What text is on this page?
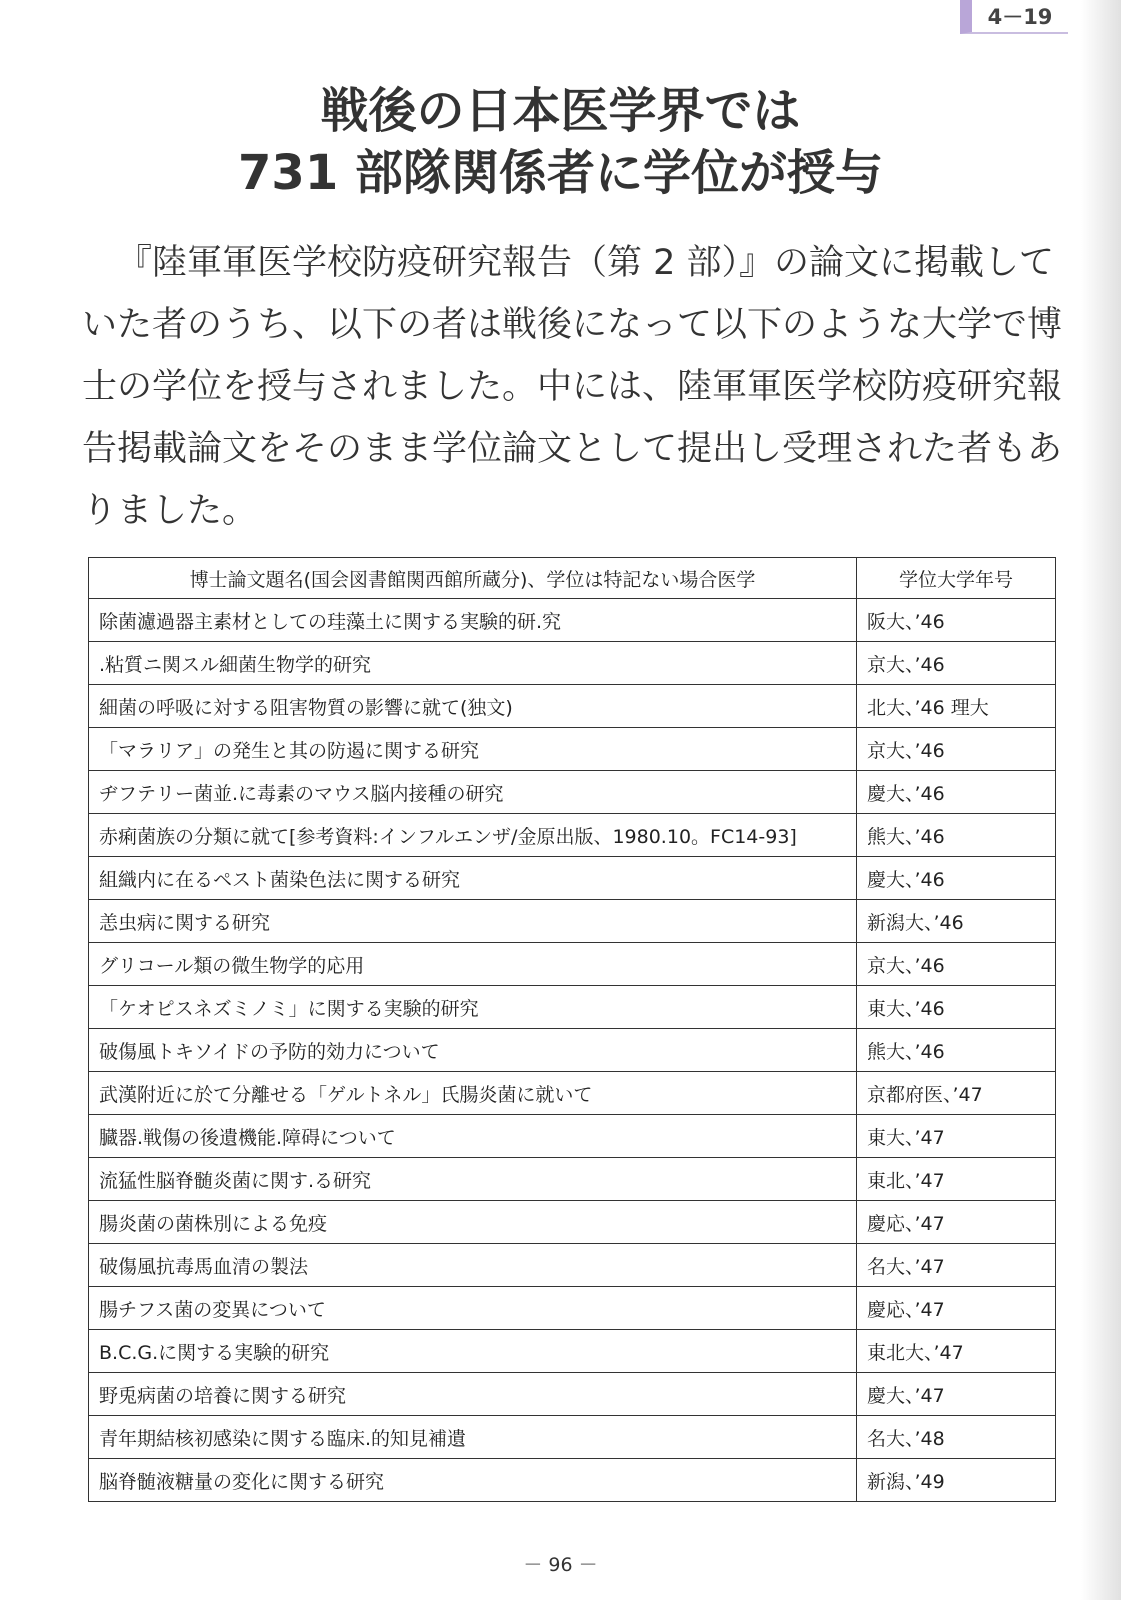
4－19
戦後の日本医学界では
731 部隊関係者に学位が授与
『陸軍軍医学校防疫研究報告（第 2 部）』の論文に掲載していた者のうち、以下の者は戦後になって以下のような大学で博士の学位を授与されました。中には、陸軍軍医学校防疫研究報告掲載論文をそのまま学位論文として提出し受理された者もありました。
博士論文題名(国会図書館関西館所蔵分)、学位は特記ない場合医学	学位大学年号
除菌濾過器主素材としての珪藻土に関する実験的研.究	阪大、’46
.粘質ニ関スル細菌生物学的研究	京大、’46
細菌の呼吸に対する阻害物質の影響に就て(独文)	北大、’46 理大
「マラリア」の発生と其の防遏に関する研究	京大、’46
ヂフテリー菌並.に毒素のマウス脳内接種の研究	慶大、’46
赤痢菌族の分類に就て[参考資料:インフルエンザ/金原出版、1980.10。FC14-93]	熊大、’46
組織内に在るペスト菌染色法に関する研究	慶大、’46
恙虫病に関する研究	新潟大、’46
グリコール類の微生物学的応用	京大、’46
「ケオピスネズミノミ」に関する実験的研究	東大、’46
破傷風トキソイドの予防的効力について	熊大、’46
武漢附近に於て分離せる「ゲルトネル」氏腸炎菌に就いて	京都府医、’47
臓器.戦傷の後遺機能.障碍について	東大、’47
流猛性脳脊髄炎菌に関す.る研究	東北、’47
腸炎菌の菌株別による免疫	慶応、’47
破傷風抗毒馬血清の製法	名大、’47
腸チフス菌の変異について	慶応、’47
B.C.G.に関する実験的研究	東北大、’47
野兎病菌の培養に関する研究	慶大、’47
青年期結核初感染に関する臨床.的知見補遺	名大、’48
脳脊髄液糖量の変化に関する研究	新潟、’49
－ 96 －
